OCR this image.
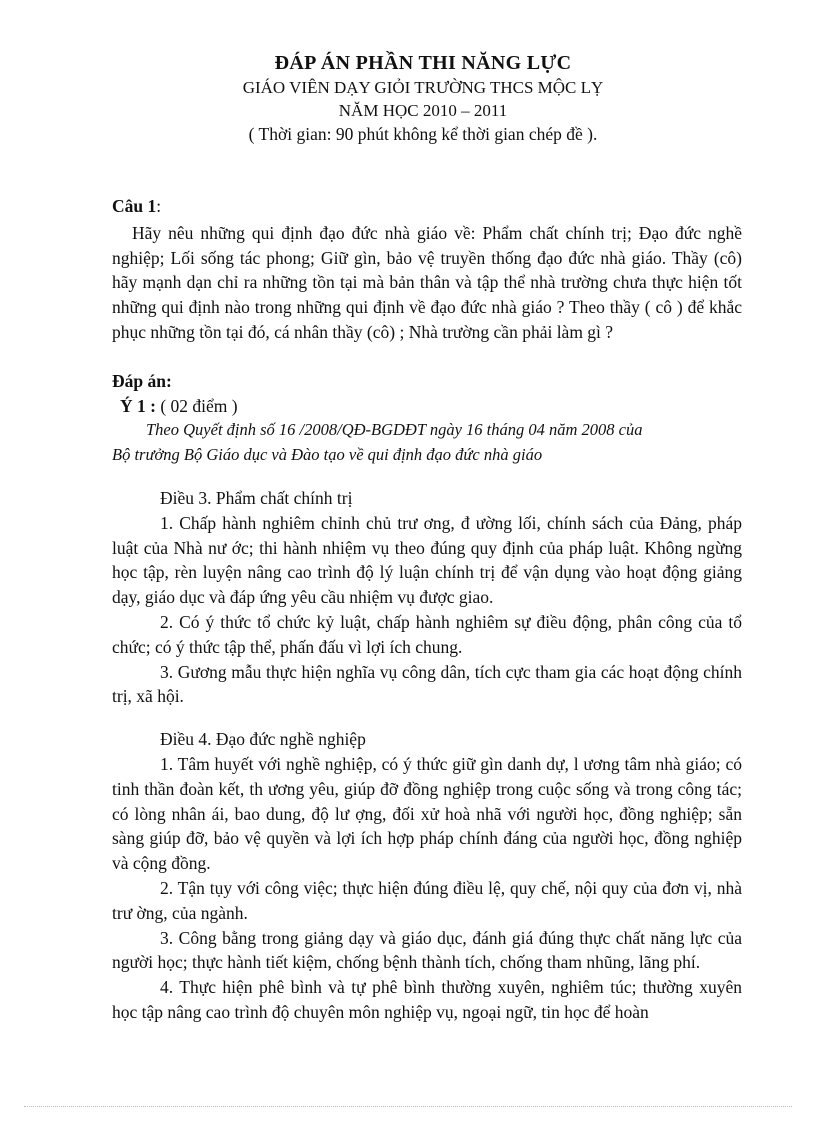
ĐÁP ÁN PHẦN THI NĂNG LỰC
GIÁO VIÊN DẠY GIỎI TRƯỜNG THCS MỘC LỴ
NĂM HỌC 2010 – 2011
( Thời gian: 90 phút không kể thời gian chép đề ).
Câu 1:

Hãy nêu những qui định đạo đức nhà giáo về: Phẩm chất chính trị; Đạo đức nghề nghiệp; Lối sống tác phong; Giữ gìn, bảo vệ truyền thống đạo đức nhà giáo. Thầy (cô) hãy mạnh dạn chỉ ra những tồn tại mà bản thân và tập thể nhà trường chưa thực hiện tốt những qui định nào trong những qui định về đạo đức nhà giáo ? Theo thầy ( cô ) để khắc phục những tồn tại đó, cá nhân thầy (cô) ; Nhà trường cần phải làm gì ?

Đáp án:
Ý 1 : ( 02 điểm )

Theo Quyết định số 16 /2008/QĐ-BGDĐT ngày 16 tháng 04 năm 2008 của

Bộ trưởng Bộ Giáo dục và Đào tạo về qui định đạo đức nhà giáo

Điều 3. Phẩm chất chính trị

1. Chấp hành nghiêm chỉnh chủ trư ơng, đ ường lối, chính sách của Đảng, pháp luật của Nhà nư ớc; thi hành nhiệm vụ theo đúng quy định của pháp luật. Không ngừng học tập, rèn luyện nâng cao trình độ lý luận chính trị để vận dụng vào hoạt động giảng dạy, giáo dục và đáp ứng yêu cầu nhiệm vụ được giao.

2. Có ý thức tổ chức kỷ luật, chấp hành nghiêm sự điều động, phân công của tổ chức; có ý thức tập thể, phấn đấu vì lợi ích chung.

3. Gương mẫu thực hiện nghĩa vụ công dân, tích cực tham gia các hoạt động chính trị, xã hội.

Điều 4. Đạo đức nghề nghiệp

1. Tâm huyết với nghề nghiệp, có ý thức giữ gìn danh dự, l ương tâm nhà giáo; có tinh thần đoàn kết, th ương yêu, giúp đỡ đồng nghiệp trong cuộc sống và trong công tác; có lòng nhân ái, bao dung, độ lư ợng, đối xử hoà nhã với người học, đồng nghiệp; sẵn sàng giúp đỡ, bảo vệ quyền và lợi ích hợp pháp chính đáng của người học, đồng nghiệp và cộng đồng.

2. Tận tụy với công việc; thực hiện đúng điều lệ, quy chế, nội quy của đơn vị, nhà trư ờng, của ngành.

3. Công bằng trong giảng dạy và giáo dục, đánh giá đúng thực chất năng lực của người học; thực hành tiết kiệm, chống bệnh thành tích, chống tham nhũng, lãng phí.

4. Thực hiện phê bình và tự phê bình thường xuyên, nghiêm túc; thường xuyên học tập nâng cao trình độ chuyên môn nghiệp vụ, ngoại ngữ, tin học để hoàn
